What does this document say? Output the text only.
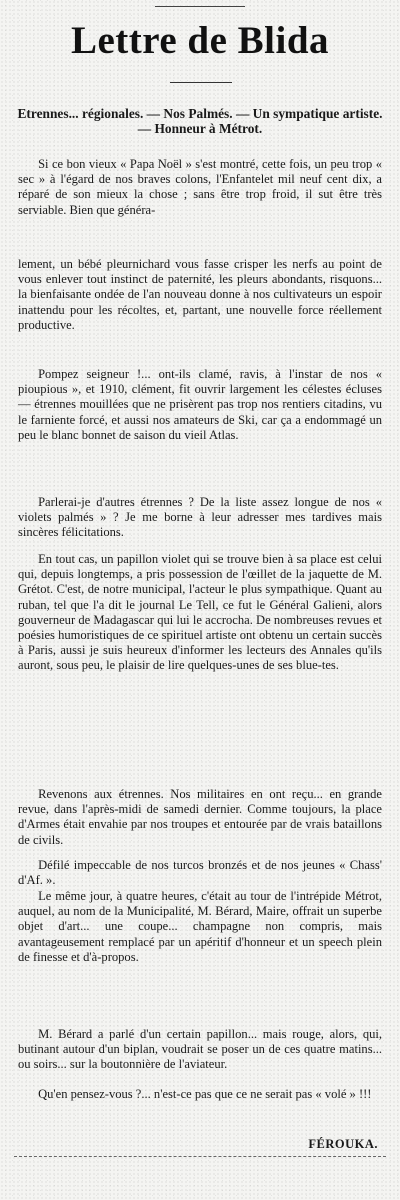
Lettre de Blida
Etrennes... régionales. — Nos Palmés. — Un sympatique artiste. — Honneur à Métrot.
Si ce bon vieux « Papa Noël » s'est montré, cette fois, un peu trop « sec » à l'égard de nos braves colons, l'Enfantelet mil neuf cent dix, a réparé de son mieux la chose ; sans être trop froid, il sut être très serviable. Bien que généra-
lement, un bébé pleurnichard vous fasse crisper les nerfs au point de vous enlever tout instinct de paternité, les pleurs abondants, risquons... la bienfaisante ondée de l'an nouveau donne à nos cultivateurs un espoir inattendu pour les récoltes, et, partant, une nouvelle force réellement productive.
Pompez seigneur !... ont-ils clamé, ravis, à l'instar de nos « pioupious », et 1910, clément, fit ouvrir largement les célestes écluses — étrennes mouillées que ne prisèrent pas trop nos rentiers citadins, vu le farniente forcé, et aussi nos amateurs de Ski, car ça a endommagé un peu le blanc bonnet de saison du vieil Atlas.
Parlerai-je d'autres étrennes ? De la liste assez longue de nos « violets palmés » ? Je me borne à leur adresser mes tardives mais sincères félicitations.
En tout cas, un papillon violet qui se trouve bien à sa place est celui qui, depuis longtemps, a pris possession de l'œillet de la jaquette de M. Grétot. C'est, de notre municipal, l'acteur le plus sympathique. Quant au ruban, tel que l'a dit le journal Le Tell, ce fut le Général Galieni, alors gouverneur de Madagascar qui lui le accrocha. De nombreuses revues et poésies humoristiques de ce spirituel artiste ont obtenu un certain succès à Paris, aussi je suis heureux d'informer les lecteurs des Annales qu'ils auront, sous peu, le plaisir de lire quelques-unes de ses blue-tes.
Revenons aux étrennes. Nos militaires en ont reçu... en grande revue, dans l'après-midi de samedi dernier. Comme toujours, la place d'Armes était envahie par nos troupes et entourée par de vrais bataillons de civils.
Défilé impeccable de nos turcos bronzés et de nos jeunes « Chass' d'Af. ».
Le même jour, à quatre heures, c'était au tour de l'intrépide Métrot, auquel, au nom de la Municipalité, M. Bérard, Maire, offrait un superbe objet d'art... une coupe... champagne non compris, mais avantageusement remplacé par un apéritif d'honneur et un speech plein de finesse et d'à-propos.
M. Bérard a parlé d'un certain papillon... mais rouge, alors, qui, butinant autour d'un biplan, voudrait se poser un de ces quatre matins... ou soirs... sur la boutonnière de l'aviateur.
Qu'en pensez-vous ?... n'est-ce pas que ce ne serait pas « volé » !!!
FÉROUKA.
